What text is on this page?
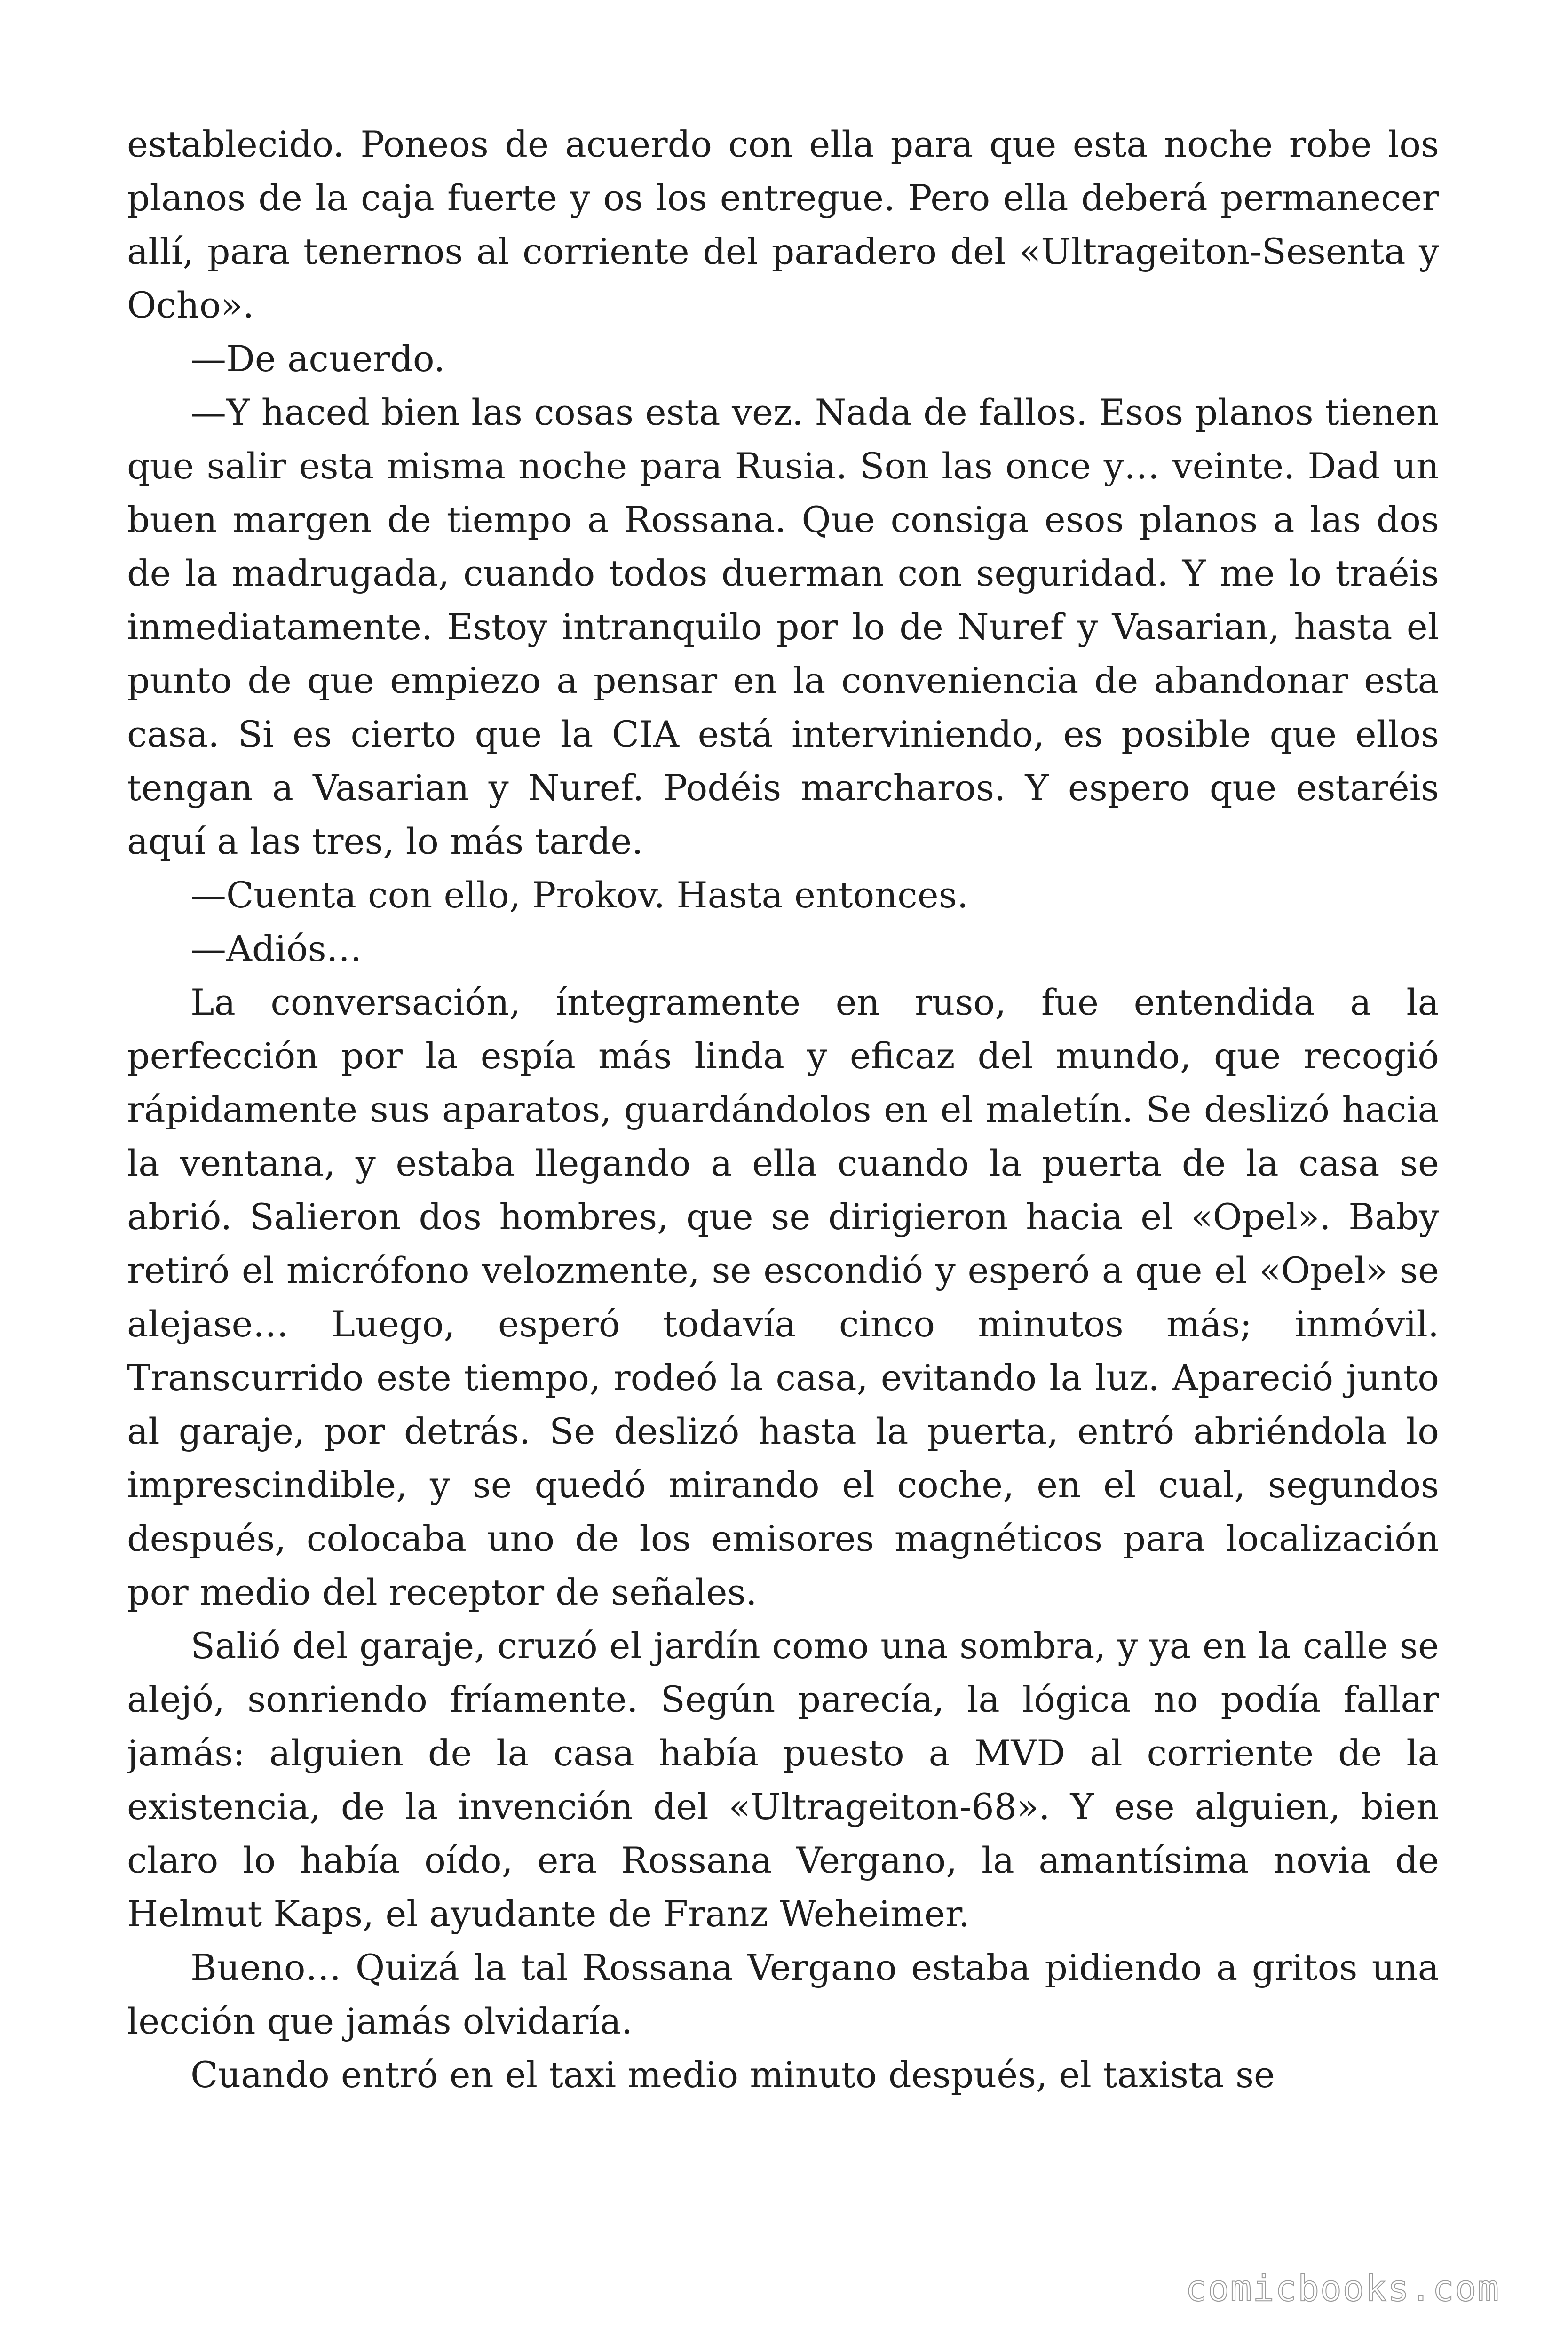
establecido. Poneos de acuerdo con ella para que esta noche robe los planos de la caja fuerte y os los entregue. Pero ella deberá permanecer allí, para tenernos al corriente del paradero del «Ultrageiton-Sesenta y Ocho».

—De acuerdo.

—Y haced bien las cosas esta vez. Nada de fallos. Esos planos tienen que salir esta misma noche para Rusia. Son las once y… veinte. Dad un buen margen de tiempo a Rossana. Que consiga esos planos a las dos de la madrugada, cuando todos duerman con seguridad. Y me lo traéis inmediatamente. Estoy intranquilo por lo de Nuref y Vasarian, hasta el punto de que empiezo a pensar en la conveniencia de abandonar esta casa. Si es cierto que la CIA está interviniendo, es posible que ellos tengan a Vasarian y Nuref. Podéis marcharos. Y espero que estaréis aquí a las tres, lo más tarde.

—Cuenta con ello, Prokov. Hasta entonces.

—Adiós…

La conversación, íntegramente en ruso, fue entendida a la perfección por la espía más linda y eficaz del mundo, que recogió rápidamente sus aparatos, guardándolos en el maletín. Se deslizó hacia la ventana, y estaba llegando a ella cuando la puerta de la casa se abrió. Salieron dos hombres, que se dirigieron hacia el «Opel». Baby retiró el micrófono velozmente, se escondió y esperó a que el «Opel» se alejase… Luego, esperó todavía cinco minutos más; inmóvil. Transcurrido este tiempo, rodeó la casa, evitando la luz. Apareció junto al garaje, por detrás. Se deslizó hasta la puerta, entró abriéndola lo imprescindible, y se quedó mirando el coche, en el cual, segundos después, colocaba uno de los emisores magnéticos para localización por medio del receptor de señales.

Salió del garaje, cruzó el jardín como una sombra, y ya en la calle se alejó, sonriendo fríamente. Según parecía, la lógica no podía fallar jamás: alguien de la casa había puesto a MVD al corriente de la existencia, de la invención del «Ultrageiton-68». Y ese alguien, bien claro lo había oído, era Rossana Vergano, la amantísima novia de Helmut Kaps, el ayudante de Franz Weheimer.

Bueno… Quizá la tal Rossana Vergano estaba pidiendo a gritos una lección que jamás olvidaría.

Cuando entró en el taxi medio minuto después, el taxista se

comicbooks.com
